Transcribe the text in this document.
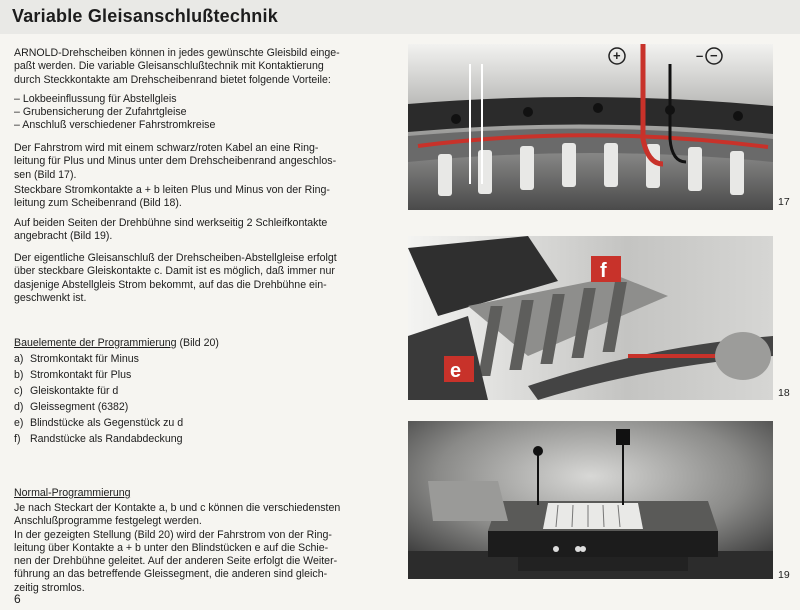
Variable Gleisanschlußtechnik

ARNOLD-Drehscheiben können in jedes gewünschte Gleisbild einge-

paßt werden. Die variable Gleisanschlußtechnik mit Kontaktierung

durch Steckkontakte am Drehscheibenrand bietet folgende Vorteile:

– Lokbeeinflussung für Abstellgleis
– Grubensicherung der Zufahrtgleise
– Anschluß verschiedener Fahrstromkreise

Der Fahrstrom wird mit einem schwarz/roten Kabel an eine Ring-

leitung für Plus und Minus unter dem Drehscheibenrand angeschlos-

sen (Bild 17).

Steckbare Stromkontakte a + b leiten Plus und Minus von der Ring-

leitung zum Scheibenrand (Bild 18).

Auf beiden Seiten der Drehbühne sind werkseitig 2 Schleifkontakte

angebracht (Bild 19).

Der eigentliche Gleisanschluß der Drehscheiben-Abstellgleise erfolgt

über steckbare Gleiskontakte c. Damit ist es möglich, daß immer nur

dasjenige Abstellgleis Strom bekommt, auf das die Drehbühne ein-

geschwenkt ist.

Bauelemente der Programmierung (Bild 20)
a) Stromkontakt für Minus
b) Stromkontakt für Plus
c) Gleiskontakte für d
d) Gleissegment (6382)
e) Blindstücke als Gegenstück zu d
f) Randstücke als Randabdeckung
Normal-Programmierung

Je nach Steckart der Kontakte a, b und c können die verschiedensten

Anschlußprogramme festgelegt werden.

In der gezeigten Stellung (Bild 20) wird der Fahrstrom von der Ring-

leitung über Kontakte a + b unter den Blindstücken e auf die Schie-

nen der Drehbühne geleitet. Auf der anderen Seite erfolgt die Weiter-

führung an das betreffende Gleissegment, die anderen sind gleich-

zeitig stromlos.

6
+	– −
17
f
e
18
19
